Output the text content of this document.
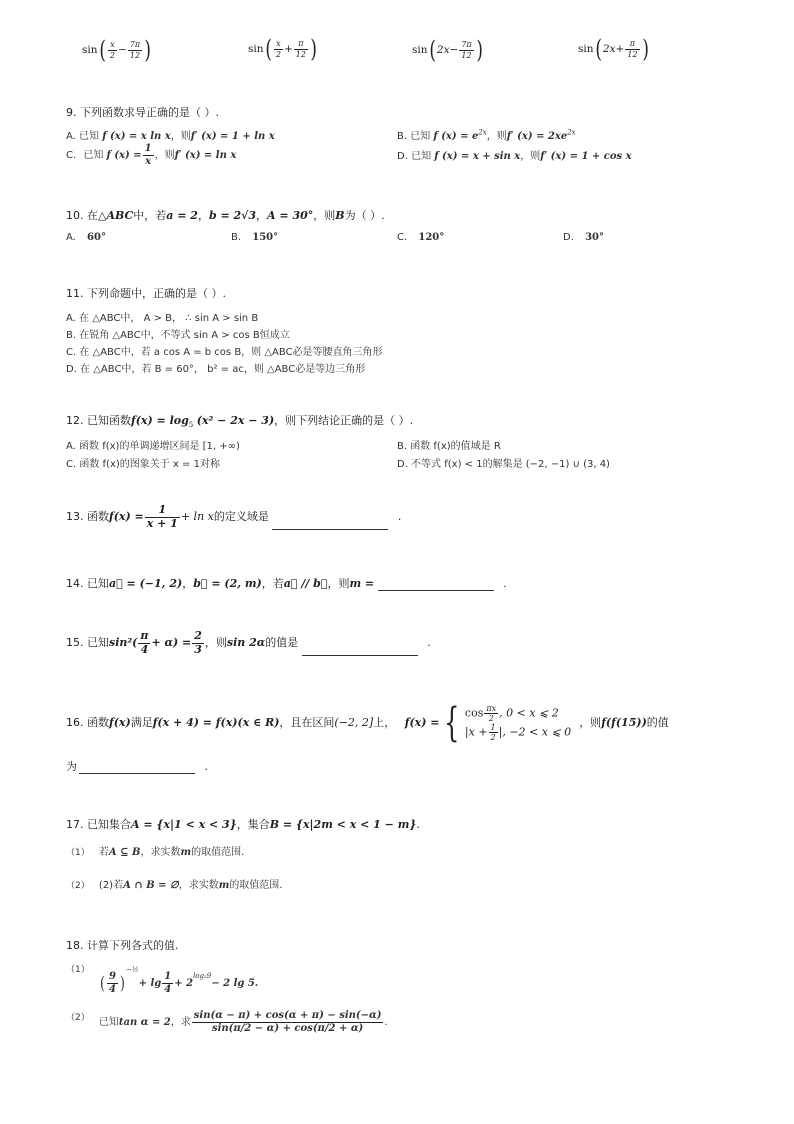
$\sin( \frac{x}{2} - \frac{7\pi}{12}$ )	$\sin( \frac{x}{2} + \frac{\pi}{12}$ )	$\sin(2x- \frac{7\pi}{12}$ )	$\sin(2x+ \frac{\pi}{12}$ )
9. 下列函数求导正确的是（ ）.
A. 已知 f (x) = x ln x，则f′ (x) = 1 + ln x	B. 已知 f $(x) = e^{2x}$，则f′ $(x) = 2xe^{2x}$
C. 已知 f $(x) = \frac{1}{x}$ ，则f′ (x) = ln x	D. 已知 f (x) = x + sin x，则f′ (x) = 1 + cos x
10. 在△ABC中，若a = 2，b = 2√3，A = 30°，则B为（ ）.
A. 60°	B. 150°	C. 120°	D. 30°
11. 下列命题中，正确的是（ ）.
A. 在 △ABC中， A > B， ∴ sin A > sin B
B. 在锐角 △ABC中，不等式 sin A > cos B恒成立
C. 在 △ABC中，若 a cos A = b cos B，则 △ABC必是等腰直角三角形
D. 在 △ABC中，若 B = 60°， b² = ac，则 △ABC必是等边三角形
12. 已知函数$f(x) = \log_5 (x^2 - 2x - 3)$，则下列结论正确的是（ ）.
A. 函数 f(x)的单调递增区间是 [1, +∞)	B. 函数 f(x)的值域是 R
C. 函数 f(x)的图象关于 x = 1对称	D. 不等式 f(x) < 1的解集是 (−2, −1) ∪ (3, 4)
13. 函数$f(x) = \frac{1}{x + 1} + \ln x$的定义域是	.
14. 已知a⃗ = (−1, 2)，b⃗ = (2, m)，若a⃗ // b⃗，则m =	.
15. 已知$\sin^2( \frac{\pi}{4} + \alpha) = \frac{2}{3}$ ，则sin 2α的值是	.
16. 函数f(x)满足f(x + 4) = f(x)(x ∈ R)，且在区间(−2, 2]上， f(x) = { $\cos \frac{\pi x}{2}$ , 0 < x ⩽ 2
$|x + \frac{1}{2}$ |, −2 < x ⩽ 0
，则f(f(15))的值
为	.
17. 已知集合A = {x|1 < x < 3}，集合B = {x|2m < x < 1 − m}.
（1） 若A ⊆ B，求实数m的取值范围.
（2） (2)若A ∩ B = ∅，求实数m的取值范围.
18. 计算下列各式的值.
（1） ( $\frac{9}{4} )^{-\frac{1}{2}}+ \lg \frac{1}{4} + 2^{log_29}- 2$ lg 5.
（2） 已知tan α = 2，求 $\frac{\sin(\alpha - \pi) + \cos(\alpha + \pi) - \sin(-\alpha)}{\sin(\pi/2 - \alpha) + \cos(\pi/2 + \alpha)}$ .
